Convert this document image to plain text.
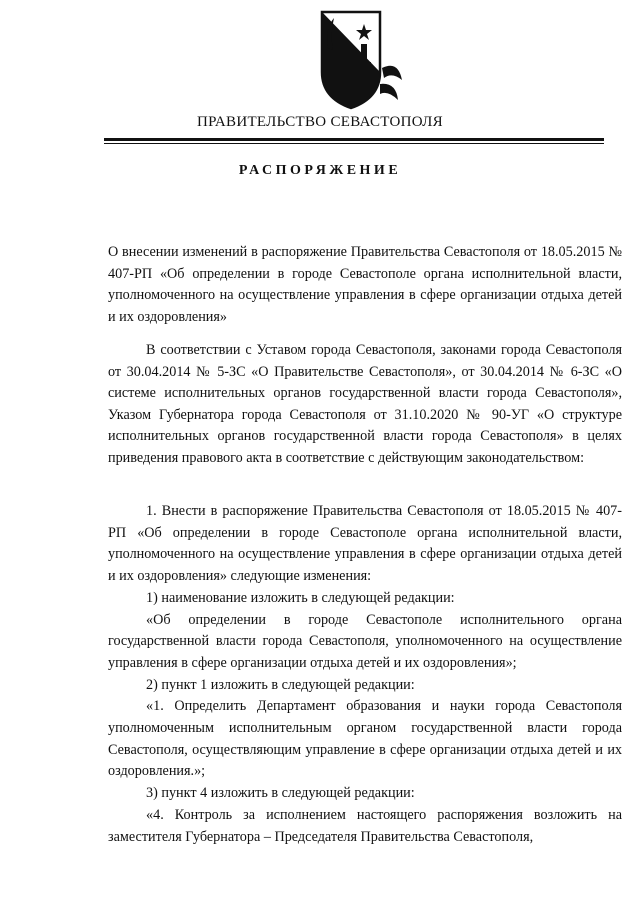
ПРАВИТЕЛЬСТВО СЕВАСТОПОЛЯ
РАСПОРЯЖЕНИЕ

О внесении изменений в распоряжение Правительства Севастополя от 18.05.2015 № 407-РП «Об определении в городе Севастополе органа исполнительной власти, уполномоченного на осуществление управления в сфере организации отдыха детей и их оздоровления»

В соответствии с Уставом города Севастополя, законами города Севастополя от 30.04.2014 № 5-ЗС «О Правительстве Севастополя», от 30.04.2014 № 6-ЗС «О системе исполнительных органов государственной власти города Севастополя», Указом Губернатора города Севастополя от 31.10.2020 № 90-УГ «О структуре исполнительных органов государственной власти города Севастополя» в целях приведения правового акта в соответствие с действующим законодательством:

1. Внести в распоряжение Правительства Севастополя от 18.05.2015 № 407-РП «Об определении в городе Севастополе органа исполнительной власти, уполномоченного на осуществление управления в сфере организации отдыха детей и их оздоровления» следующие изменения:

1) наименование изложить в следующей редакции:

«Об определении в городе Севастополе исполнительного органа государственной власти города Севастополя, уполномоченного на осуществление управления в сфере организации отдыха детей и их оздоровления»;

2) пункт 1 изложить в следующей редакции:

«1. Определить Департамент образования и науки города Севастополя уполномоченным исполнительным органом государственной власти города Севастополя, осуществляющим управление в сфере организации отдыха детей и их оздоровления.»;

3) пункт 4 изложить в следующей редакции:

«4. Контроль за исполнением настоящего распоряжения возложить на заместителя Губернатора – Председателя Правительства Севастополя,
